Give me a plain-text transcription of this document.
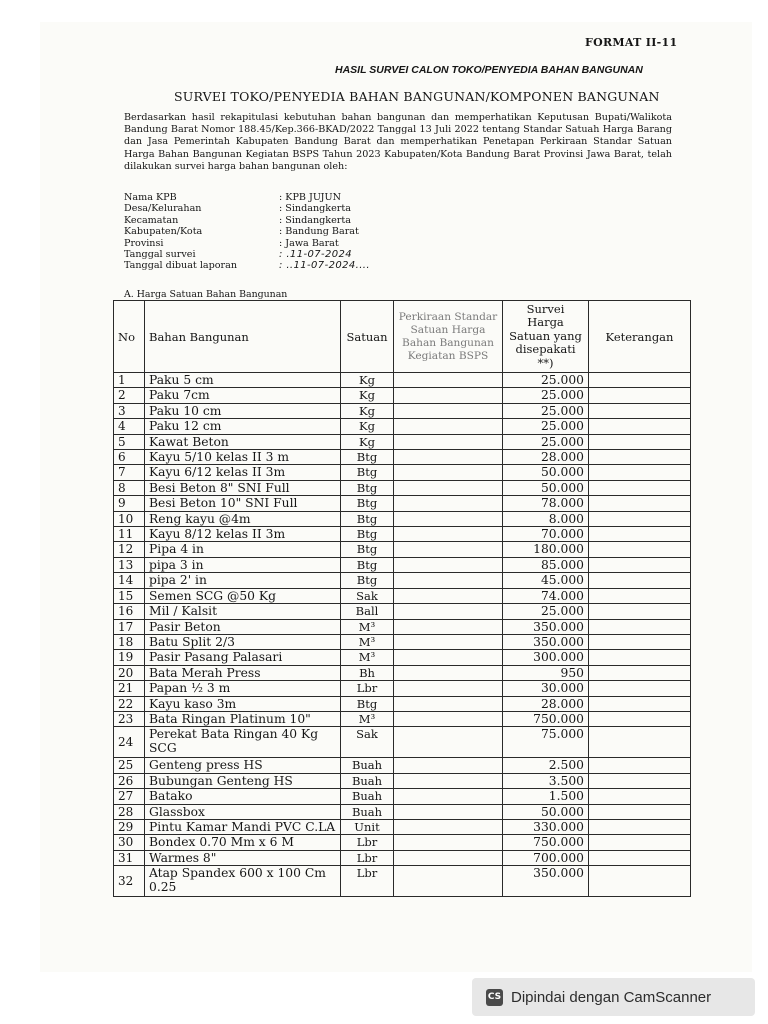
FORMAT II-11
HASIL SURVEI CALON TOKO/PENYEDIA BAHAN BANGUNAN
SURVEI TOKO/PENYEDIA BAHAN BANGUNAN/KOMPONEN BANGUNAN
Berdasarkan hasil rekapitulasi kebutuhan bahan bangunan dan memperhatikan Keputusan Bupati/Walikota Bandung Barat Nomor 188.45/Kep.366-BKAD/2022 Tanggal 13 Juli 2022 tentang Standar Satuah Harga Barang dan Jasa Pemerintah Kabupaten Bandung Barat dan memperhatikan Penetapan Perkiraan Standar Satuan Harga Bahan Bangunan Kegiatan BSPS Tahun 2023 Kabupaten/Kota Bandung Barat Provinsi Jawa Barat, telah dilakukan survei harga bahan bangunan oleh:
Nama KPB	: KPB JUJUN
Desa/Kelurahan	: Sindangkerta
Kecamatan	: Sindangkerta
Kabupaten/Kota	: Bandung Barat
Provinsi	: Jawa Barat
Tanggal survei	: .11-07-2024
Tanggal dibuat laporan	: ..11-07-2024....
A. Harga Satuan Bahan Bangunan
No	Bahan Bangunan	Satuan	Perkiraan Standar Satuan Harga Bahan Bangunan Kegiatan BSPS	Survei Harga Satuan yang disepakati **)	Keterangan
1	Paku 5 cm	Kg		25.000	
2	Paku 7cm	Kg		25.000	
3	Paku 10 cm	Kg		25.000	
4	Paku 12 cm	Kg		25.000	
5	Kawat Beton	Kg		25.000	
6	Kayu 5/10 kelas II 3 m	Btg		28.000	
7	Kayu 6/12 kelas II 3m	Btg		50.000	
8	Besi Beton 8" SNI Full	Btg		50.000	
9	Besi Beton 10" SNI Full	Btg		78.000	
10	Reng kayu @4m	Btg		8.000	
11	Kayu 8/12 kelas II 3m	Btg		70.000	
12	Pipa 4 in	Btg		180.000	
13	pipa 3 in	Btg		85.000	
14	pipa 2' in	Btg		45.000	
15	Semen SCG @50 Kg	Sak		74.000	
16	Mil / Kalsit	Ball		25.000	
17	Pasir Beton	M³		350.000	
18	Batu Split 2/3	M³		350.000	
19	Pasir Pasang Palasari	M³		300.000	
20	Bata Merah Press	Bh		950	
21	Papan ½ 3 m	Lbr		30.000	
22	Kayu kaso 3m	Btg		28.000	
23	Bata Ringan Platinum 10"	M³		750.000	
24	Perekat Bata Ringan 40 Kg SCG	Sak		75.000	
25	Genteng press HS	Buah		2.500	
26	Bubungan Genteng HS	Buah		3.500	
27	Batako	Buah		1.500	
28	Glassbox	Buah		50.000	
29	Pintu Kamar Mandi PVC C.LA	Unit		330.000	
30	Bondex 0.70 Mm x 6 M	Lbr		750.000	
31	Warmes 8"	Lbr		700.000	
32	Atap Spandex 600 x 100 Cm 0.25	Lbr		350.000	
CS Dipindai dengan CamScanner
